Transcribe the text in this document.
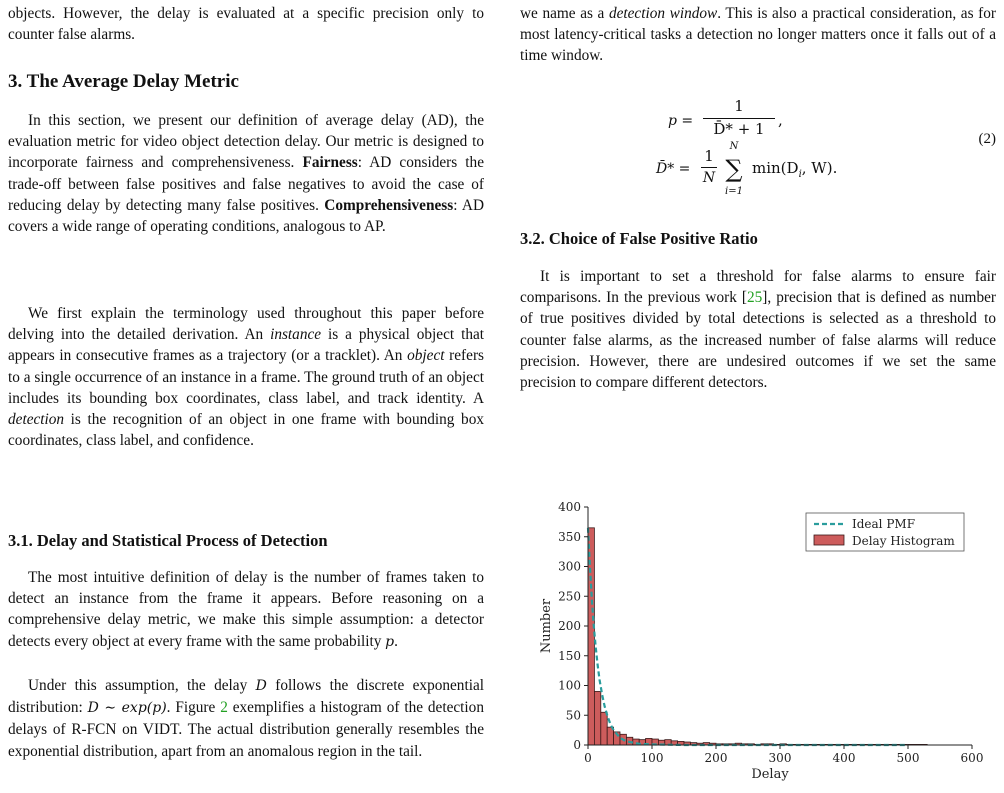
objects. However, the delay is evaluated at a specific precision only to counter false alarms.

3. The Average Delay Metric

In this section, we present our definition of average delay (AD), the evaluation metric for video object detection delay. Our metric is designed to incorporate fairness and comprehensiveness. Fairness: AD considers the trade-off between false positives and false negatives to avoid the case of reducing delay by detecting many false positives. Comprehensiveness: AD covers a wide range of operating conditions, analogous to AP.

We first explain the terminology used throughout this paper before delving into the detailed derivation. An instance is a physical object that appears in consecutive frames as a trajectory (or a tracklet). An object refers to a single occurrence of an instance in a frame. The ground truth of an object includes its bounding box coordinates, class label, and track identity. A detection is the recognition of an object in one frame with bounding box coordinates, class label, and confidence.

3.1. Delay and Statistical Process of Detection

The most intuitive definition of delay is the number of frames taken to detect an instance from the frame it appears. Before reasoning on a comprehensive delay metric, we make this simple assumption: a detector detects every object at every frame with the same probability p.

Under this assumption, the delay D follows the discrete exponential distribution: D ∼ exp(p). Figure 2 exemplifies a histogram of the detection delays of R-FCN on VIDT. The actual distribution generally resembles the exponential distribution, apart from an anomalous region in the tail.

we name as a detection window. This is also a practical consideration, as for most latency-critical tasks a detection no longer matters once it falls out of a time window.

p =
1
D̄* + 1
,
D̄* =
1
N
N
∑
i=1
$\min(D_i$, W).
(2)
3.2. Choice of False Positive Ratio

It is important to set a threshold for false alarms to ensure fair comparisons. In the previous work [25], precision that is defined as number of true positives divided by total detections is selected as a threshold to counter false alarms, as the increased number of false alarms will reduce precision. However, there are undesired outcomes if we set the same precision to compare different detectors.

0
50
100
150
200
250
300
350
400
0	100	200	300	400	500	600
Delay
Number
Ideal PMF
Delay Histogram
